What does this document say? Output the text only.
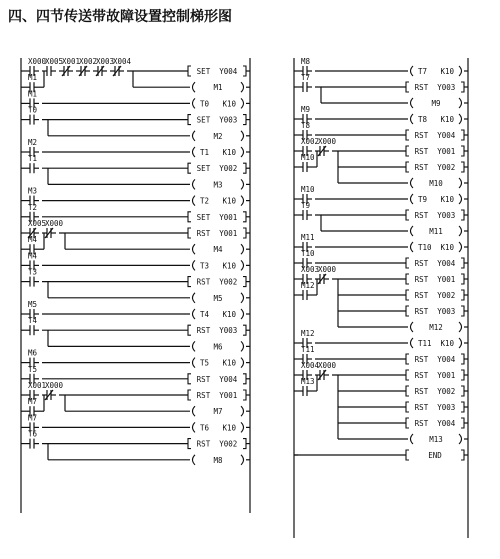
四、四节传送带故障设置控制梯形图
X000
X005
X001
X002
X003
X004
M1
SET  Y004
M1
M1
T0   K10
T0
SET  Y003
M2
M2
T1   K10
T1
SET  Y002
M3
M3
T2   K10
T2
SET  Y001
X005
X000
M4
RST  Y001
M4
M4
T3   K10
T3
RST  Y002
M5
M5
T4   K10
T4
RST  Y003
M6
M6
T5   K10
T5
RST  Y004
X001
X000
M7
RST  Y001
M7
M7
T6   K10
T6
RST  Y002
M8
M8
T7   K10
T7
RST  Y003
M9
M9
T8   K10
T8
RST  Y004
X002
X000
M10
RST  Y001
RST  Y002
M10
M10
T9   K10
T9
RST  Y003
M11
M11
T10  K10
T10
RST  Y004
X003
X000
M12
RST  Y001
RST  Y002
RST  Y003
M12
M12
T11  K10
T11
RST  Y004
X004
X000
M13
RST  Y001
RST  Y002
RST  Y003
RST  Y004
M13
END
